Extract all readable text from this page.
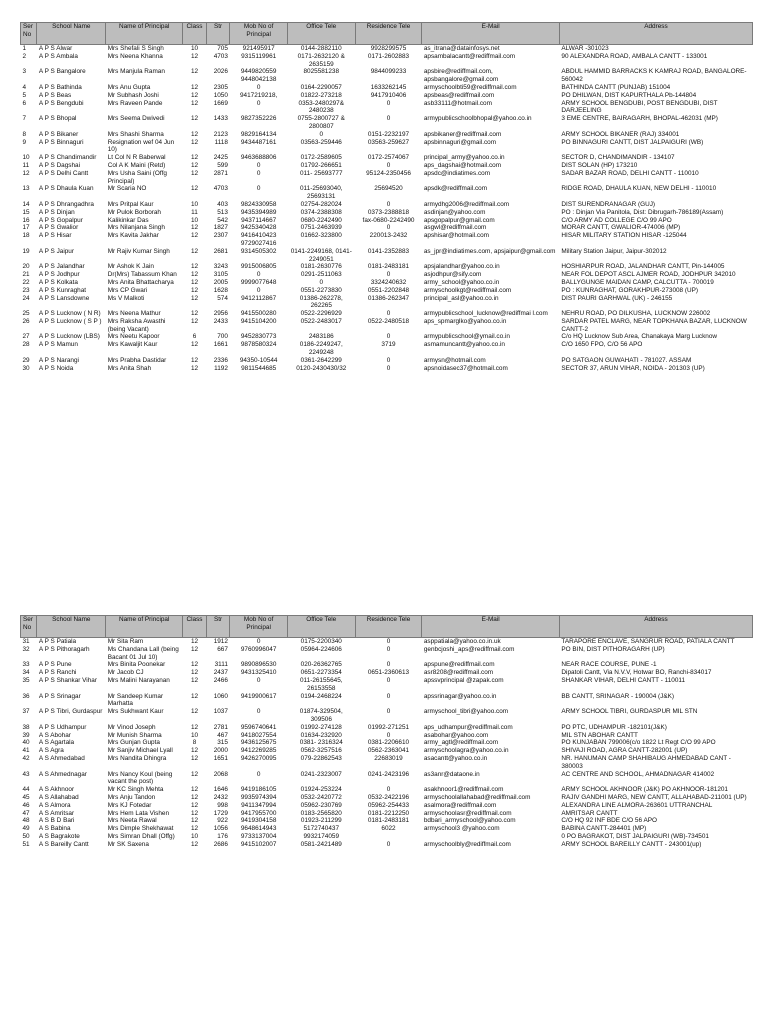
Ser No	School Name	Name of Principal	Class	Str	Mob No of Principal	Office Tele	Residence Tele	E-Mail	Address
1	A P S Alwar	Mrs Shefali S Singh	10	705	921495917	0144-2882110	9928299575	as_itrana@datainfosys.net	ALWAR -301023
2	A P S Ambala	Mrs Neena Khanna	12	4703	9315119961	0171-2632120 & 2635159	0171-2602883	apsambalacantt@rediffmail.com	90 ALEXANDRA ROAD, AMBALA CANTT - 133001
3	A P S Bangalore	Mrs Manjula Raman	12	2026	9449820559 9448042138	8025581238	9844099233	apsbire@rediffmail.com, apsbangalore@gmail.com	ABDUL HAMMID BARRACKS K KAMRAJ ROAD, BANGALORE-560042
4	A P S Bathinda	Mrs Anu Gupta	12	2305	0	0164-2290057	1633262145	armyschoolbti59@rediffmail.com	BATHINDA CANTT (PUNJAB) 151004
5	A P S Beas	Mr Subhash Joshi	12	1050	9417219218,	01822-273218	9417910406	apsbeas@rediffmail.com	PO DHILWAN, DIST KAPURTHALA Pb-144804
6	A P S Bengdubi	Mrs Raveen Pande	12	1669	0	0353-2480297& 2480238	0	asb33111@hotmail.com	ARMY SCHOOL BENGDUBI, POST BENGDUBI, DIST DARJEELING
7	A P S Bhopal	Mrs Seema Dwivedi	12	1433	9827352226	0755-2800727 & 2800807	0	armypublicschoolbhopal@yahoo.co.in	3 EME CENTRE, BAIRAGARH, BHOPAL-462031 (MP)
8	A P S Bikaner	Mrs Shashi Sharma	12	2123	9829164134	0	0151-2232197	apsbikaner@rediffmail.com	ARMY SCHOOL BIKANER (RAJ) 334001
9	A P S Binnaguri	Resignation wef 04 Jun 10)	12	1118	9434487161	03563-259446	03563-259627	apsbinnaguri@gmail.com	PO BINNAGURI CANTT, DIST JALPAIGURI (WB)
10	A P S Chandimandir	Lt Col N R Baberwal	12	2425	9463688806	0172-2589605	0172-2574067	principal_army@yahoo.co.in	SECTOR D, CHANDIMANDIR - 134107
11	A P S Dagshai	Col A K Maini (Retd)	12	599	0	01792-266651	0	aps_dagshai@hotmail.com	DIST SOLAN (HP) 173210
12	A P S Delhi Cantt	Mrs Usha Saini (Offg Principal)	12	2871	0	011- 25693777	95124-2350456	apsdc@indiatimes.com	SADAR BAZAR ROAD, DELHI CANTT - 110010
13	A P S Dhaula Kuan	Mr Scaria NO	12	4703	0	011-25693040, 25693131	25694520	apsdk@rediffmail.com	RIDGE ROAD, DHAULA KUAN, NEW DELHI - 110010
14	A P S Dhrangadhra	Mrs Pritpal Kaur	10	403	9824330958	02754-282024	0	armydhg2006@rediffmail.com	DIST SURENDRANAGAR (GUJ)
15	A P S Dinjan	Mr Pulok Borborah	11	513	9435394989	0374-2388308	0373-2388818	asdinjan@yahoo.com	PO : Dinjan Via Panitola, Dist: Dibrugarh-786189(Assam)
16	A P S Gopalpur	Kalikinkar Das	10	542	9437114667	0680-2242490	fax-0680-2242490	apsgopalpur@gmail.com	C/O ARMY AD COLLEGE C/O 99 APO
17	A P S Gwalior	Mrs Nilanjana Singh	12	1827	9425340428	0751-2463939	0	asgwl@rediffmail.com	MORAR CANTT, GWALIOR-474006 (MP)
18	A P S Hisar	Mrs Kavita Jakhar	12	2307	9416410423 9729027416	01662-323800	220013-2432	apshisar@hotmail.com	HISAR MILITARY STATION HISAR -125044
19	A P S Jaipur	Mr Rajiv Kumar Singh	12	2681	9314505302	0141-2249168, 0141-2249051	0141-2352883	as_jpr@indiatimes.com, apsjaipur@gmail.com	Military Station Jaipur, Jaipur-302012
20	A P S Jalandhar	Mr Ashok K Jain	12	3243	9915006805	0181-2630776	0181-2483181	apsjalandhar@yahoo.co.in	HOSHIARPUR ROAD, JALANDHAR CANTT, Pin-144005
21	A P S Jodhpur	Dr(Mrs) Tabassum Khan	12	3105	0	0291-2511063	0	asjodhpur@sify.com	NEAR FOL DEPOT ASCL AJMER ROAD, JODHPUR 342010
22	A P S Kolkata	Mrs Anita Bhattacharya	12	2005	9999077648	0	3324240632	army_school@yahoo.co.in	BALLYGUNGE MAIDAN CAMP, CALCUTTA - 700019
23	A P S Kunraghat	Mrs CP Gwari	12	1628	0	0551-2273830	0551-2202848	armyschoolkgt@rediffmail.com	PO : KUNRAGHAT, GORAKHPUR-273008 (UP)
24	A P S Lansdowne	Ms V Malkoti	12	574	9412112867	01386-262278, 262265	01386-262347	principal_asl@yahoo.co.in	DIST PAURI GARHWAL (UK) - 246155
25	A P S Lucknow ( N R)	Mrs Neena Mathur	12	2956	9415500280	0522-2296929	0	armypublicschool_lucknow@rediffmai l.com	NEHRU ROAD, PO DILKUSHA, LUCKNOW 226002
26	A P S Lucknow ( S P )	Mrs Raksha Awasthi (being Vacant)	12	2433	9415104200	0522-2483017	0522-2480518	aps_spmarglko@yahoo.co.in	SARDAR PATEL MARG, NEAR TOPKHANA BAZAR, LUCKNOW CANTT-2
27	A P S Lucknow (LBS)	Mrs Neetu Kapoor	6	700	9452830773	2483186	0	armypublicschool@ymail.co.in	C/o HQ Lucknow Sub Area, Chanakaya Marg Lucknow
28	A P S Mamun	Mrs Kawaljit Kaur	12	1661	9878580324	0186-2249247, 2249248	3719	asmamuncantt@yahoo.co.in	C/O 1650 FPO, C/O 56 APO
29	A P S Narangi	Mrs Prabha Dastidar	12	2336	94350-10544	0361-2642299	0	armysn@hotmail.com	PO SATGAON GUWAHATI - 781027. ASSAM
30	A P S Noida	Mrs Anita Shah	12	1192	9811544685	0120-2430430/32	0	apsnoidasec37@hotmail.com	SECTOR 37, ARUN VIHAR, NOIDA - 201303 (UP)
Ser No	School Name	Name of Principal	Class	Str	Mob No of Principal	Office Tele	Residence Tele	E-Mail	Address
31	A P S Patiala	Mr Sita Ram	12	1912	0	0175-2200340	0	asppatiala@yahoo.co.in.uk	TARAPORE ENCLAVE, SANGRUR ROAD, PATIALA CANTT
32	A P S Pithoragarh	Ms Chandana Lall (being Bacant 01 Jul 10)	12	667	9760996047	05964-224606	0	genbcjoshi_aps@rediffmail.com	PO BIN, DIST PITHORAGARH (UP)
33	A P S Pune	Mrs Binita Poonekar	12	3111	9890896530	020-26362765	0	apspune@rediffmail.com	NEAR RACE COURSE, PUNE -1
34	A P S Ranchi	Mr Jacob CJ	12	2437	9431325410	0651-2273354	0651-2360613	asr8208@rediffmail.com	Dipatoli Cantt, Via N.V.V, Hotwar BO, Ranchi-834017
35	A P S Shankar Vihar	Mrs Malini Narayanan	12	2466	0	011-26155645, 26153558	0	apssvprincipal @zapak.com	SHANKAR VIHAR, DELHI CANTT - 110011
36	A P S Srinagar	Mr Sandeep Kumar Marhatta	12	1060	9419900617	0194-2468224	0	apssrinagar@yahoo.co.in	BB CANTT, SRINAGAR - 190004 (J&K)
37	A P S Tibri, Gurdaspur	Mrs Sukhwant Kaur	12	1037	0	01874-329504, 309506	0	armyschool_tibri@yahoo.com	ARMY SCHOOL TIBRI, GURDASPUR MIL STN
38	A P S Udhampur	Mr Vinod Joseph	12	2781	9596740641	01992-274128	01992-271251	aps_udhampur@rediffmail.com	PO PTC, UDHAMPUR -182101(J&K)
39	A S Abohar	Mr Munish Sharma	10	467	9418027554	01634-232920	0	asabohar@yahoo.com	MIL STN ABOHAR CANTT
40	A S Agartala	Mrs Gunjan Gupta	8	315	9436125675	0381- 2316324	0381-2206610	army_agtl@rediffmail.com	PO KUNJABAN 799006(c/o 1822 Lt Regt C/O 99 APO
41	A S Agra	Mr Sanjiv Michael Lyall	12	2000	9412269285	0562-3257516	0562-2363041	armyschoolagra@yahoo.co.in	SHIVAJI ROAD, AGRA CANTT-282001 (UP)
42	A S Ahmedabad	Mrs Nandita Dhingra	12	1651	9426270095	079-22862543	22683019	asacantt@yahoo.co.in	NR. HANUMAN CAMP SHAHIBAUG AHMEDABAD CANT - 380003
43	A S Ahmednagar	Mrs Nancy Koul (being vacant the post)	12	2068	0	0241-2323007	0241-2423196	as3anr@dataone.in	AC CENTRE AND SCHOOL, AHMADNAGAR 414002
44	A S Akhnoor	Mr KC Singh Mehta	12	1646	9419186105	01924-253224	0	asakhnoor1@rediffmail.com	ARMY SCHOOL AKHNOOR (J&K) PO AKHNOOR-181201
45	A S Allahabad	Mrs Anju Tandon	12	2432	9935974394	0532-2420772	0532-2422196	armyschoolallahabad@rediffmail.com	RAJIV GANDHI MARG, NEW CANTT, ALLAHABAD-211001 (UP)
46	A S Almora	Mrs KJ Fotedar	12	998	9411347994	05962-230769	05962-254433	asalmora@rediffmail.com	ALEXANDRA LINE ALMORA-263601 UTTRANCHAL
47	A S Amritsar	Mrs Hem Lata Vishen	12	1729	9417955700	0183-2565820	0181-2212250	armyschoolasr@rediffmail.com	AMRITSAR CANTT
48	A S B D Bari	Mrs Neeta Rawal	12	922	9419304158	01923-211299	0181-2483181	bdbari_armyschool@yahoo.com	C/O HQ 92 INF BDE C/O 56 APO
49	A S Babina	Mrs Dimple Shekhawat	12	1056	9648614943	5172740437	6022	armyschool3 @yahoo.com	BABINA CANTT-284401 (MP)
50	A S Bagrakote	Mrs Simran Dhall (Offg)	10	176	9733137004	9932174059			0 PO BAGRAKOT, DIST JALPAIGURI (WB)-734501
51	A S Bareilly Cantt	Mr SK Saxena	12	2686	9415102007	0581-2421489	0	armyschoolbly@rediffmail.com	ARMY SCHOOL BAREILLY CANTT - 243001(up)
